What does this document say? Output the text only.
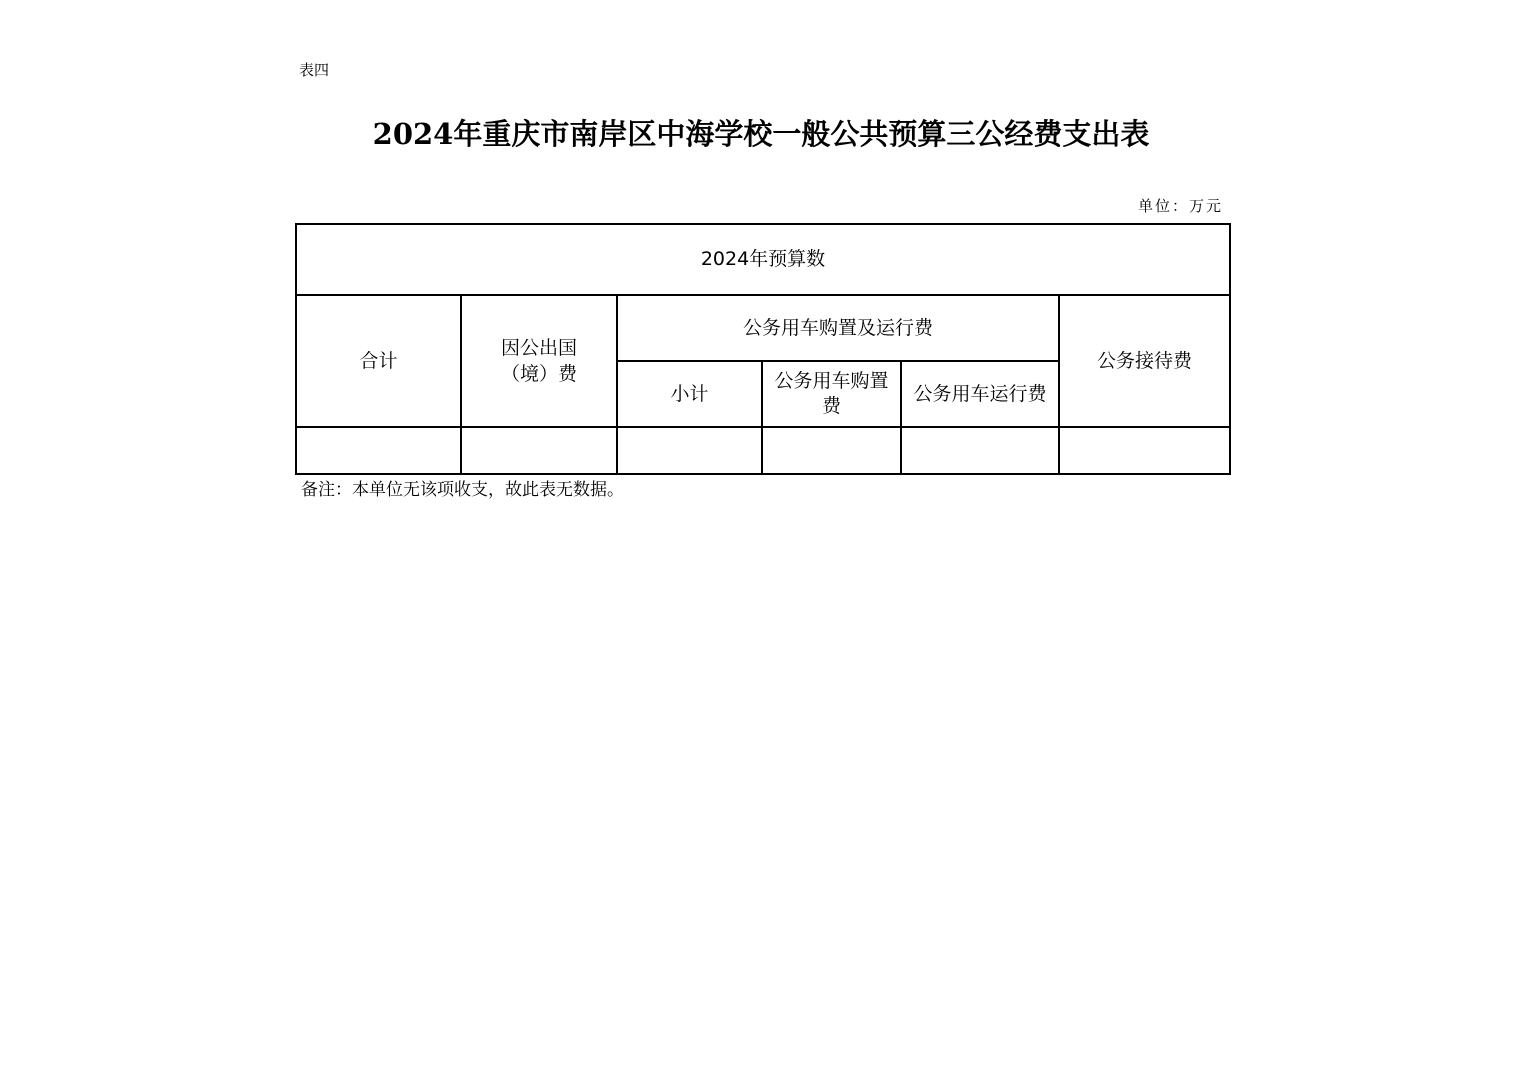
表四
2024年重庆市南岸区中海学校一般公共预算三公经费支出表
单位：万元
2024年预算数					
合计	因公出国（境）费	公务用车购置及运行费			公务接待费
		小计	公务用车购置费	公务用车运行费	

备注：本单位无该项收支，故此表无数据。
